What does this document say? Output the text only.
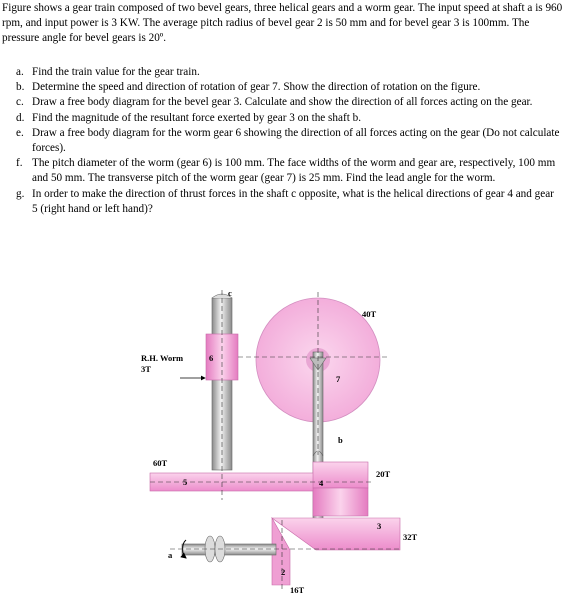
Figure shows a gear train composed of two bevel gears, three helical gears and a worm gear. The input speed at shaft a is 960 rpm, and input power is 3 KW. The average pitch radius of bevel gear 2 is 50 mm and for bevel gear 3 is 100mm. The pressure angle for bevel gears is 20º.
a. Find the train value for the gear train.
b. Determine the speed and direction of rotation of gear 7. Show the direction of rotation on the figure.
c. Draw a free body diagram for the bevel gear 3. Calculate and show the direction of all forces acting on the gear.
d. Find the magnitude of the resultant force exerted by gear 3 on the shaft b.
e. Draw a free body diagram for the worm gear 6 showing the direction of all forces acting on the gear (Do not calculate forces).
f. The pitch diameter of the worm (gear 6) is 100 mm. The face widths of the worm and gear are, respectively, 100 mm and 50 mm. The transverse pitch of the worm gear (gear 7) is 25 mm. Find the lead angle for the worm.
g. In order to make the direction of thrust forces in the shaft c opposite, what is the helical directions of gear 4 and gear 5 (right hand or left hand)?
c
40T
R.H. Worm
3T
6
7
b
60T
5	4
20T
3
32T
a
2
16T
